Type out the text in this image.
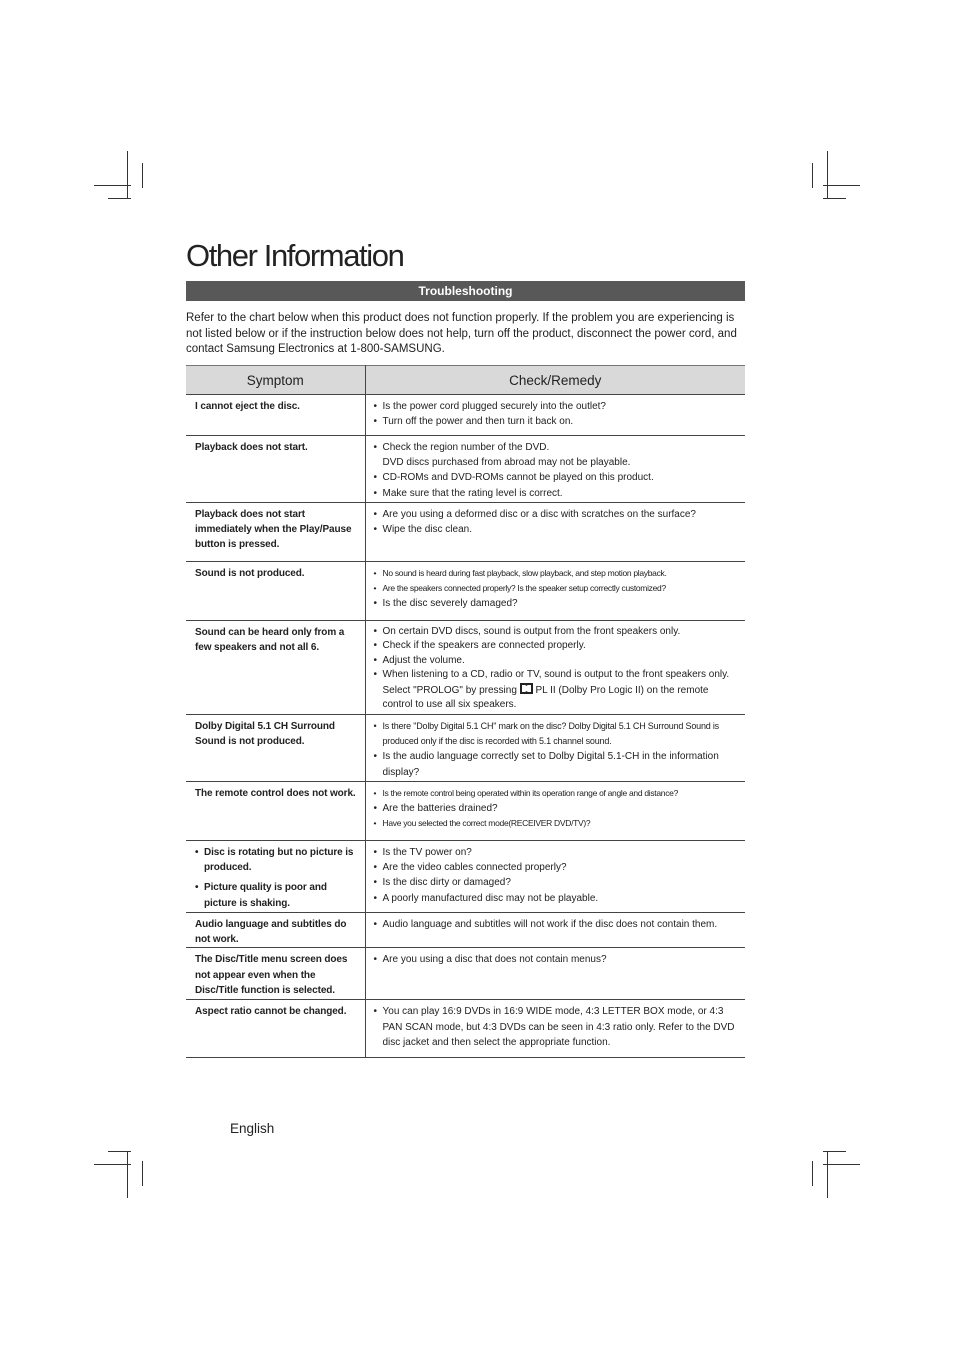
Other Information
Troubleshooting

Refer to the chart below when this product does not function properly. If the problem you are experiencing is not listed below or if the instruction below does not help, turn off the product, disconnect the power cord, and contact Samsung Electronics at 1-800-SAMSUNG.

Symptom	Check/Remedy
I cannot eject the disc.	• Is the power cord plugged securely into the outlet?
• Turn off the power and then turn it back on.

Playback does not start.	• Check the region number of the DVD.
DVD discs purchased from abroad may not be playable.
• CD-ROMs and DVD-ROMs cannot be played on this product.
• Make sure that the rating level is correct.

Playback does not start immediately when the Play/Pause button is pressed.	• Are you using a deformed disc or a disc with scratches on the surface?
• Wipe the disc clean.

Sound is not produced.	• No sound is heard during fast playback, slow playback, and step motion playback.
• Are the speakers connected properly? Is the speaker setup correctly customized?
• Is the disc severely damaged?

Sound can be heard only from a few speakers and not all 6.	• On certain DVD discs, sound is output from the front speakers only.
• Check if the speakers are connected properly.
• Adjust the volume.
• When listening to a CD, radio or TV, sound is output to the front speakers only. Select "PROLOG" by pressing PL II (Dolby Pro Logic II) on the remote control to use all six speakers.

Dolby Digital 5.1 CH Surround Sound is not produced.	• Is there "Dolby Digital 5.1 CH" mark on the disc? Dolby Digital 5.1 CH Surround Sound is produced only if the disc is recorded with 5.1 channel sound.
• Is the audio language correctly set to Dolby Digital 5.1-CH in the information display?

The remote control does not work.	• Is the remote control being operated within its operation range of angle and distance?
• Are the batteries drained?
• Have you selected the correct mode(RECEIVER DVD/TV)?

• Disc is rotating but no picture is produced.
• Picture quality is poor and picture is shaking.	• Is the TV power on?
• Are the video cables connected properly?
• Is the disc dirty or damaged?
• A poorly manufactured disc may not be playable.

Audio language and subtitles do not work.	• Audio language and subtitles will not work if the disc does not contain them.

The Disc/Title menu screen does not appear even when the Disc/Title function is selected.	• Are you using a disc that does not contain menus?

Aspect ratio cannot be changed.	• You can play 16:9 DVDs in 16:9 WIDE mode, 4:3 LETTER BOX mode, or 4:3 PAN SCAN mode, but 4:3 DVDs can be seen in 4:3 ratio only. Refer to the DVD disc jacket and then select the appropriate function.
English
